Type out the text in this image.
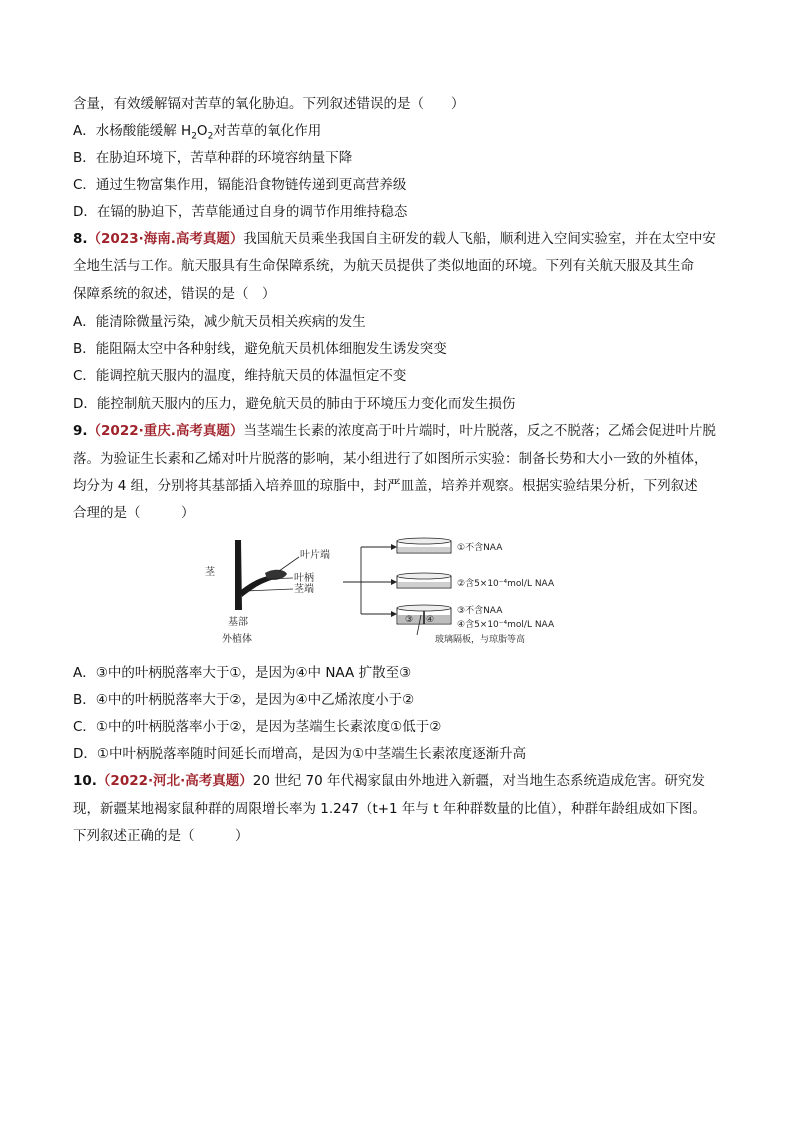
含量，有效缓解镉对苦草的氧化胁迫。下列叙述错误的是（　　）
A．水杨酸能缓解 $H_2O_2$对苦草的氧化作用
B．在胁迫环境下，苦草种群的环境容纳量下降
C．通过生物富集作用，镉能沿食物链传递到更高营养级
D．在镉的胁迫下，苦草能通过自身的调节作用维持稳态
8.（2023·海南.高考真题）我国航天员乘坐我国自主研发的载人飞船，顺利进入空间实验室，并在太空中安
全地生活与工作。航天服具有生命保障系统，为航天员提供了类似地面的环境。下列有关航天服及其生命
保障系统的叙述，错误的是（　）
A．能清除微量污染，减少航天员相关疾病的发生
B．能阻隔太空中各种射线，避免航天员机体细胞发生诱发突变
C．能调控航天服内的温度，维持航天员的体温恒定不变
D．能控制航天服内的压力，避免航天员的肺由于环境压力变化而发生损伤
9.（2022·重庆.高考真题）当茎端生长素的浓度高于叶片端时，叶片脱落，反之不脱落；乙烯会促进叶片脱
落。为验证生长素和乙烯对叶片脱落的影响，某小组进行了如图所示实验：制备长势和大小一致的外植体，
均分为 4 组，分别将其基部插入培养皿的琼脂中，封严皿盖，培养并观察。根据实验结果分析，下列叙述
合理的是（　　　）
茎
叶片端
叶柄
茎端
基部
外植体
①不含NAA
②含5×10⁻⁴mol/L NAA
③ ④
③不含NAA
④含5×10⁻⁴mol/L NAA
玻璃隔板，与琼脂等高
A．③中的叶柄脱落率大于①，是因为④中 NAA 扩散至③
B．④中的叶柄脱落率大于②，是因为④中乙烯浓度小于②
C．①中的叶柄脱落率小于②，是因为茎端生长素浓度①低于②
D．①中叶柄脱落率随时间延长而增高，是因为①中茎端生长素浓度逐渐升高
10.（2022·河北·高考真题）20 世纪 70 年代褐家鼠由外地进入新疆，对当地生态系统造成危害。研究发
现，新疆某地褐家鼠种群的周限增长率为 1.247（t+1 年与 t 年种群数量的比值），种群年龄组成如下图。
下列叙述正确的是（　　　）
